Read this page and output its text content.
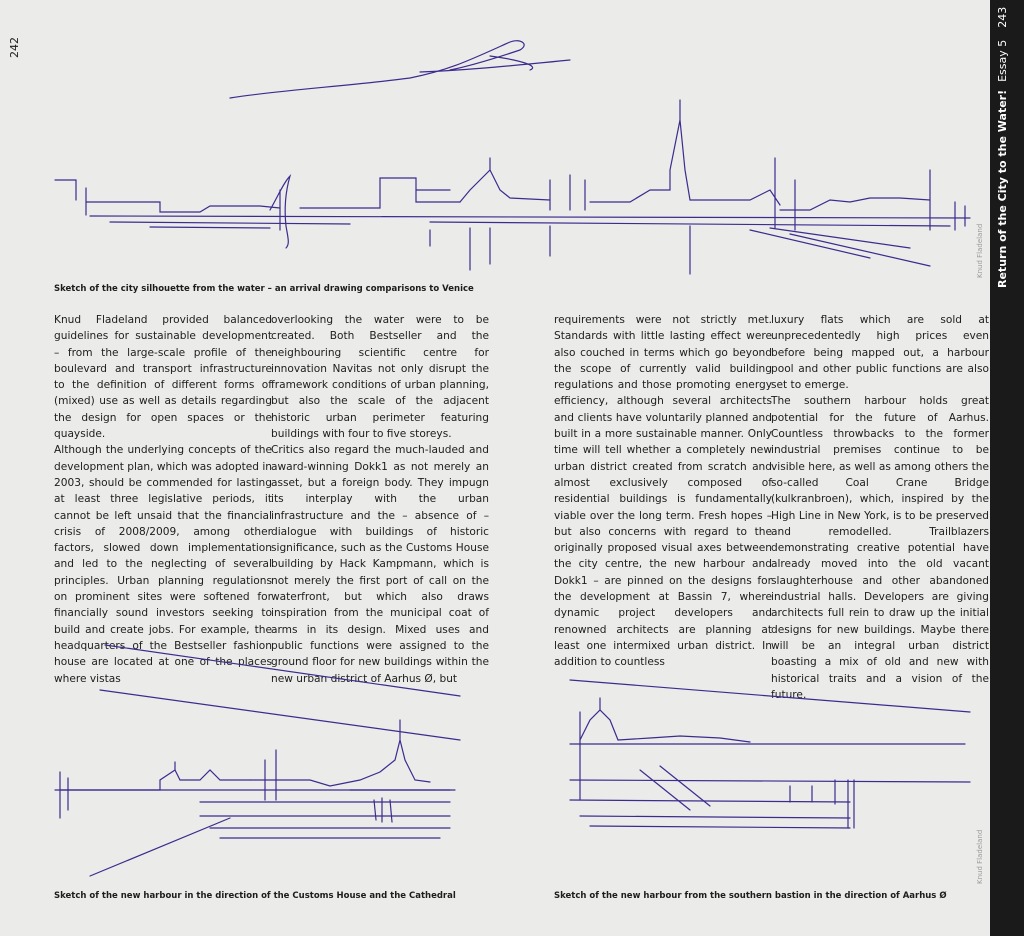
242
Return of the City to the Water!Essay 5243
Knud Fladeland
Knud Fladeland
Sketch of the city silhouette from the water – an arrival drawing comparisons to Venice

Knud Fladeland provided balanced guidelines for sustainable development – from the large-scale profile of the boulevard and transport infrastructure to the definition of different forms of (mixed) use as well as details regarding the design for open spaces or the quayside.

Although the underlying concepts of the development plan, which was adopted in 2003, should be commended for lasting at least three legislative periods, it cannot be left unsaid that the financial crisis of 2008/2009, among other factors, slowed down implementation and led to the neglecting of several principles. Urban planning regulations on prominent sites were softened for financially sound investors seeking to build and create jobs. For example, the headquarters of the Bestseller fashion house are located at one of the places where vistas

overlooking the water were to be created. Both Bestseller and the neighbouring scientific centre for innovation Navitas not only disrupt the framework conditions of urban planning, but also the scale of the adjacent historic urban perimeter featuring buildings with four to five storeys.

Critics also regard the much-lauded and award-winning Dokk1 as not merely an asset, but a foreign body. They impugn its interplay with the urban infrastructure and the – absence of – dialogue with buildings of historic significance, such as the Customs House building by Hack Kampmann, which is not merely the first port of call on the waterfront, but which also draws inspiration from the municipal coat of arms in its design. Mixed uses and public functions were assigned to the ground floor for new buildings within the new urban district of Aarhus Ø, but

requirements were not strictly met. Standards with little lasting effect were also couched in terms which go beyond the scope of currently valid building regulations and those promoting energy efficiency, although several architects and clients have voluntarily planned and built in a more sustainable manner. Only time will tell whether a completely new urban district created from scratch and almost exclusively composed of residential buildings is fundamentally viable over the long term. Fresh hopes – but also concerns with regard to the originally proposed visual axes between the city centre, the new harbour and Dokk1 – are pinned on the designs for the development at Bassin 7, where dynamic project developers and renowned architects are planning at least one intermixed urban district. In addition to countless

luxury flats which are sold at unprecedentedly high prices even before being mapped out, a harbour pool and other public functions are also set to emerge.

The southern harbour holds great potential for the future of Aarhus. Countless throwbacks to the former industrial premises continue to be visible here, as well as among others the so-called Coal Crane Bridge (kulkranbroen), which, inspired by the High Line in New York, is to be preserved and remodelled. Trailblazers demonstrating creative potential have already moved into the old vacant slaughterhouse and other abandoned industrial halls. Developers are giving architects full rein to draw up the initial designs for new buildings. Maybe there will be an integral urban district boasting a mix of old and new with historical traits and a vision of the future.

Sketch of the new harbour in the direction of the Customs House and the Cathedral	Sketch of the new harbour from the southern bastion in the direction of Aarhus Ø
